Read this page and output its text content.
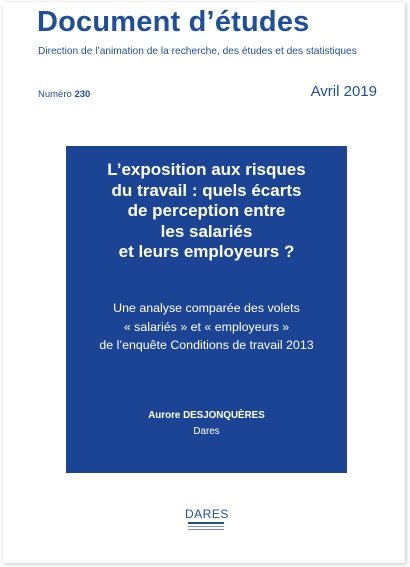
Document d’études
Direction de l’animation de la recherche, des études et des statistiques
Numéro 230	Avril 2019
L’exposition aux risques
du travail : quels écarts
de perception entre
les salariés
et leurs employeurs ?
Une analyse comparée des volets
« salariés » et « employeurs »
de l’enquête Conditions de travail 2013
Aurore DESJONQUÈRES
Dares
DARES
